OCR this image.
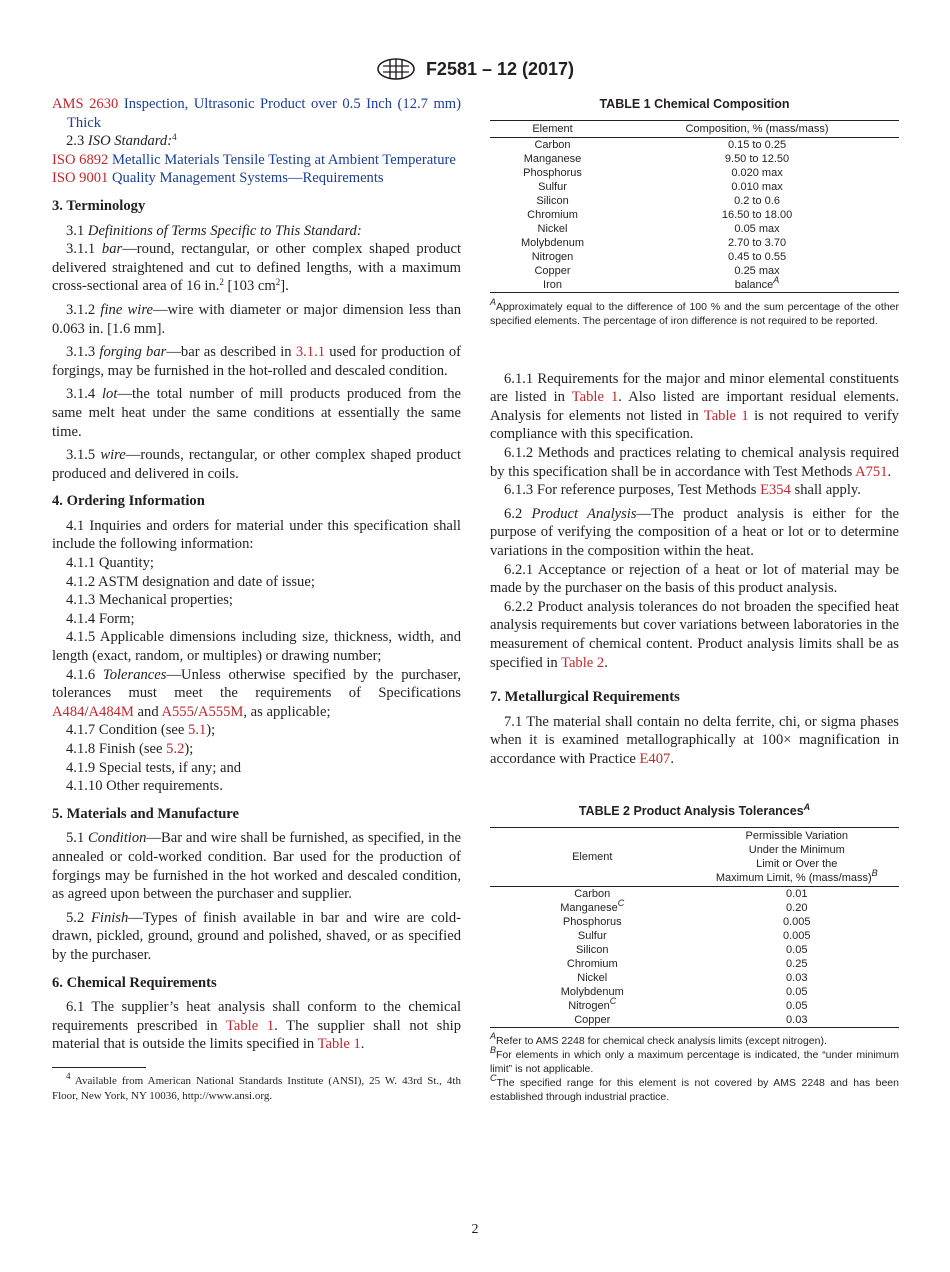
F2581 – 12 (2017)

AMS 2630 Inspection, Ultrasonic Product over 0.5 Inch (12.7 mm) Thick

2.3 ISO Standard:$^4$

ISO 6892 Metallic Materials Tensile Testing at Ambient Temperature

ISO 9001 Quality Management Systems—Requirements

3. Terminology

3.1 Definitions of Terms Specific to This Standard:

3.1.1 bar—round, rectangular, or other complex shaped product delivered straightened and cut to defined lengths, with a maximum cross-sectional area of 16 in.$^2$ [103 $cm^2$].

3.1.2 fine wire—wire with diameter or major dimension less than 0.063 in. [1.6 mm].

3.1.3 forging bar—bar as described in 3.1.1 used for production of forgings, may be furnished in the hot-rolled and descaled condition.

3.1.4 lot—the total number of mill products produced from the same melt heat under the same conditions at essentially the same time.

3.1.5 wire—rounds, rectangular, or other complex shaped product produced and delivered in coils.

4. Ordering Information

4.1 Inquiries and orders for material under this specification shall include the following information:

4.1.1 Quantity;

4.1.2 ASTM designation and date of issue;

4.1.3 Mechanical properties;

4.1.4 Form;

4.1.5 Applicable dimensions including size, thickness, width, and length (exact, random, or multiples) or drawing number;

4.1.6 Tolerances—Unless otherwise specified by the purchaser, tolerances must meet the requirements of Specifications A484/A484M and A555/A555M, as applicable;

4.1.7 Condition (see 5.1);

4.1.8 Finish (see 5.2);

4.1.9 Special tests, if any; and

4.1.10 Other requirements.

5. Materials and Manufacture

5.1 Condition—Bar and wire shall be furnished, as specified, in the annealed or cold-worked condition. Bar used for the production of forgings may be furnished in the hot worked and descaled condition, as agreed upon between the purchaser and supplier.

5.2 Finish—Types of finish available in bar and wire are cold-drawn, pickled, ground, ground and polished, shaved, or as specified by the purchaser.

6. Chemical Requirements

6.1 The supplier’s heat analysis shall conform to the chemical requirements prescribed in Table 1. The supplier shall not ship material that is outside the limits specified in Table 1.

$^4$ Available from American National Standards Institute (ANSI), 25 W. 43rd St., 4th Floor, New York, NY 10036, http://www.ansi.org.

TABLE 1 Chemical Composition
Element	Composition, % (mass/mass)
Carbon	0.15 to 0.25
Manganese	9.50 to 12.50
Phosphorus	0.020 max
Sulfur	0.010 max
Silicon	0.2 to 0.6
Chromium	16.50 to 18.00
Nickel	0.05 max
Molybdenum	2.70 to 3.70
Nitrogen	0.45 to 0.55
Copper	0.25 max
Iron	balance$^A$

$^A$Approximately equal to the difference of 100 % and the sum percentage of the other specified elements. The percentage of iron difference is not required to be reported.

6.1.1 Requirements for the major and minor elemental constituents are listed in Table 1. Also listed are important residual elements. Analysis for elements not listed in Table 1 is not required to verify compliance with this specification.

6.1.2 Methods and practices relating to chemical analysis required by this specification shall be in accordance with Test Methods A751.

6.1.3 For reference purposes, Test Methods E354 shall apply.

6.2 Product Analysis—The product analysis is either for the purpose of verifying the composition of a heat or lot or to determine variations in the composition within the heat.

6.2.1 Acceptance or rejection of a heat or lot of material may be made by the purchaser on the basis of this product analysis.

6.2.2 Product analysis tolerances do not broaden the specified heat analysis requirements but cover variations between laboratories in the measurement of chemical content. Product analysis limits shall be as specified in Table 2.

7. Metallurgical Requirements

7.1 The material shall contain no delta ferrite, chi, or sigma phases when it is examined metallographically at 100× magnification in accordance with Practice E407.

TABLE 2 Product Analysis Tolerances$^A$
Element	Permissible Variation
Under the Minimum
Limit or Over the
Maximum Limit, % (mass/mass)$^B$

Carbon	0.01
Manganese$^C$	0.20
Phosphorus	0.005
Sulfur	0.005
Silicon	0.05
Chromium	0.25
Nickel	0.03
Molybdenum	0.05
Nitrogen$^C$	0.05
Copper	0.03

$^A$Refer to AMS 2248 for chemical check analysis limits (except nitrogen).

$^B$For elements in which only a maximum percentage is indicated, the “under minimum limit” is not applicable.

$^C$The specified range for this element is not covered by AMS 2248 and has been established through industrial practice.

2
